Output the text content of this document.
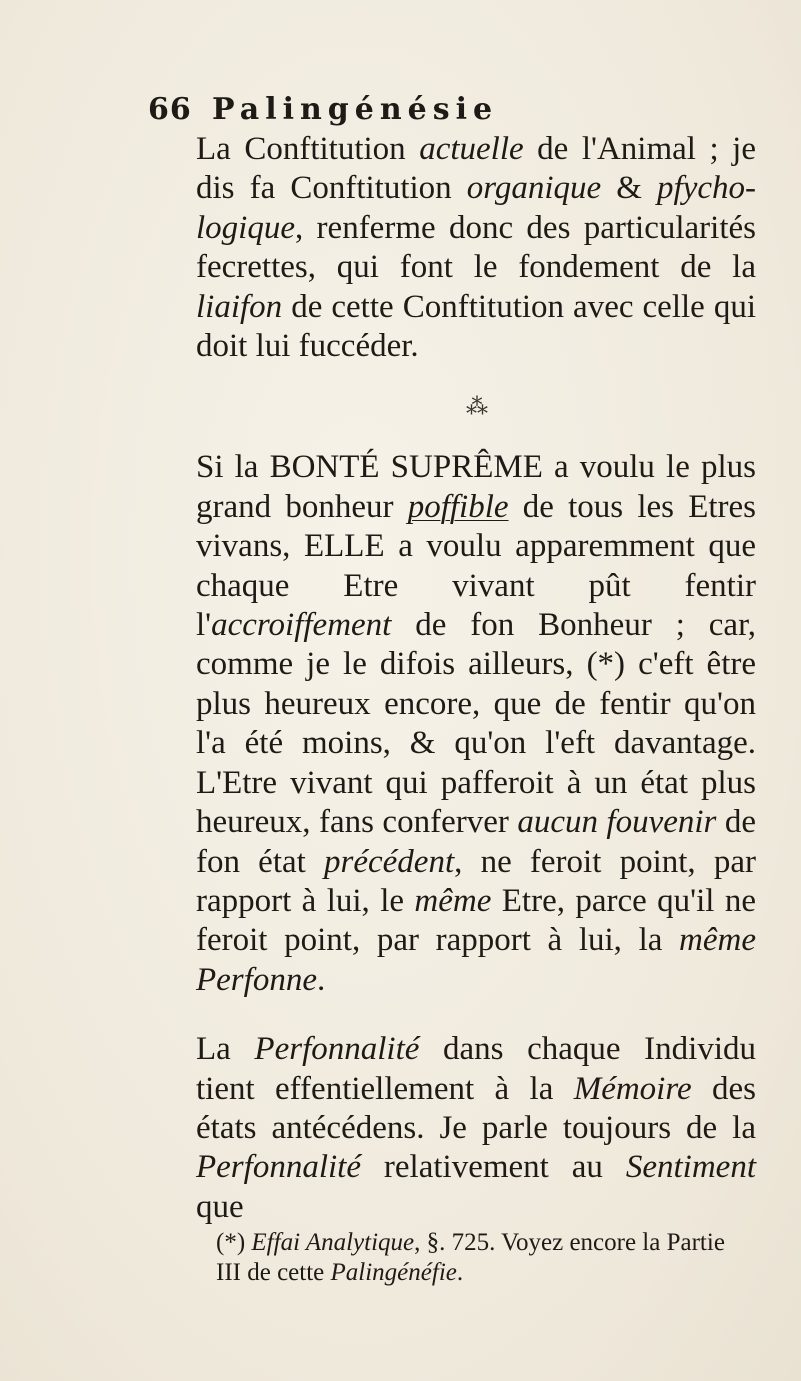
66 Palingénésie

La Conftitution actuelle de l'Animal ; je dis fa Conftitution organique & pfycho-logique, renferme donc des particularités fecrettes, qui font le fondement de la liaifon de cette Conftitution avec celle qui doit lui fuccéder.

⁂

Si la BONTÉ SUPRÊME a voulu le plus grand bonheur poffible de tous les Etres vivans, ELLE a voulu apparemment que chaque Etre vivant pût fentir l'accroiffement de fon Bonheur ; car, comme je le difois ailleurs, (*) c'eft être plus heureux encore, que de fentir qu'on l'a été moins, & qu'on l'eft davantage. L'Etre vivant qui pafferoit à un état plus heureux, fans conferver aucun fouvenir de fon état précédent, ne feroit point, par rapport à lui, le même Etre, parce qu'il ne feroit point, par rapport à lui, la même Perfonne.

La Perfonnalité dans chaque Individu tient effentiellement à la Mémoire des états antécédens. Je parle toujours de la Perfonnalité relativement au Sentiment que

(*) Effai Analytique, §. 725. Voyez encore la Partie III de cette Palingénéfie.
